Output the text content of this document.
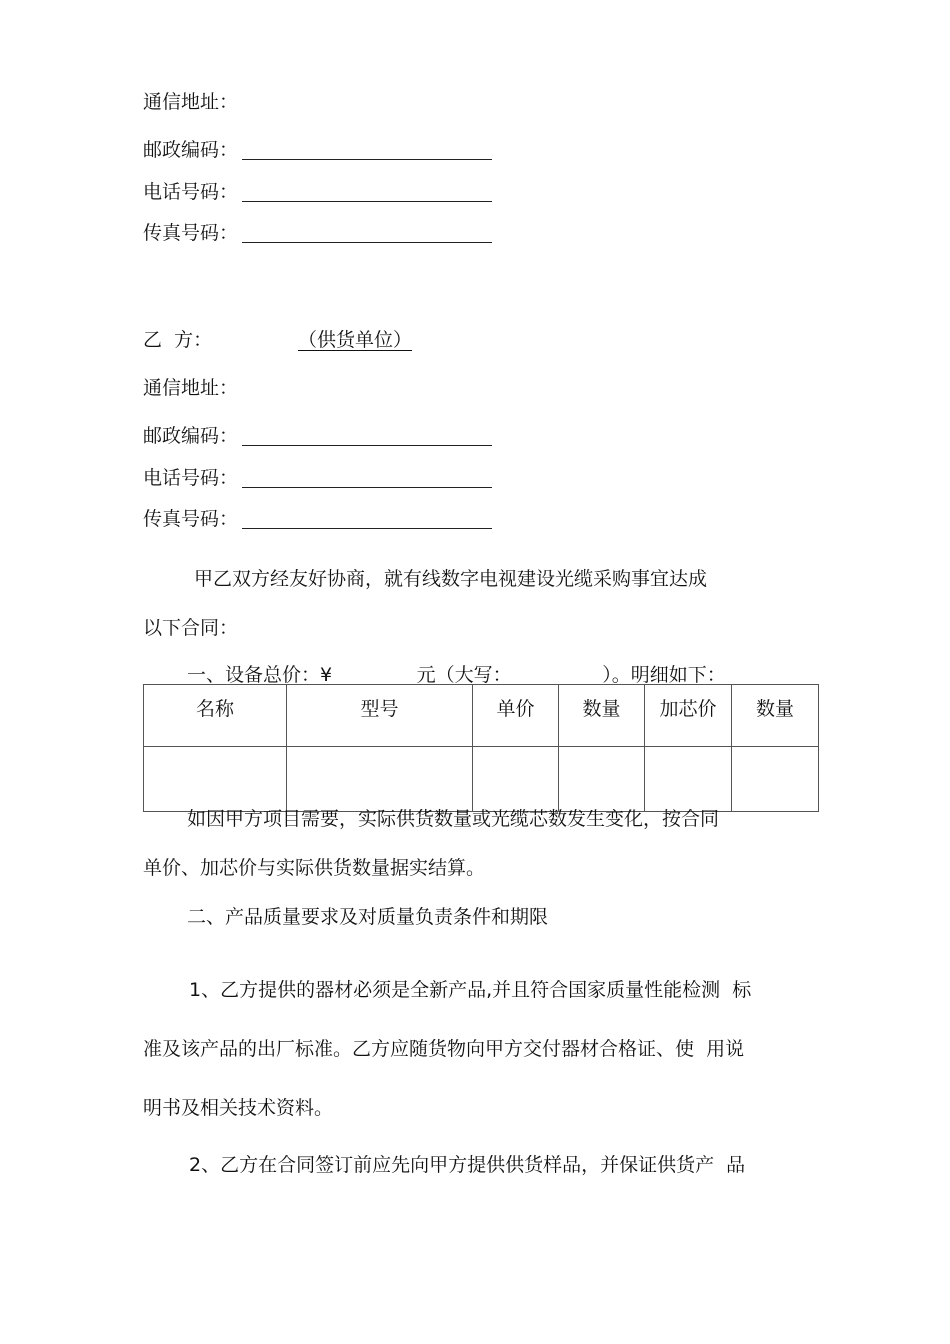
通信地址：
邮政编码：
电话号码：
传真号码：
乙  方：	（供货单位）
通信地址：
邮政编码：
电话号码：
传真号码：
甲乙双方经友好协商，就有线数字电视建设光缆采购事宜达成
以下合同：
一、设备总价：¥              元（大写：               ）。明细如下：
名称	型号	单价	数量	加芯价	数量

如因甲方项目需要，实际供货数量或光缆芯数发生变化，按合同
单价、加芯价与实际供货数量据实结算。
二、产品质量要求及对质量负责条件和期限
1、乙方提供的器材必须是全新产品,并且符合国家质量性能检测  标
准及该产品的出厂标准。乙方应随货物向甲方交付器材合格证、使  用说
明书及相关技术资料。
2、乙方在合同签订前应先向甲方提供供货样品，并保证供货产  品
